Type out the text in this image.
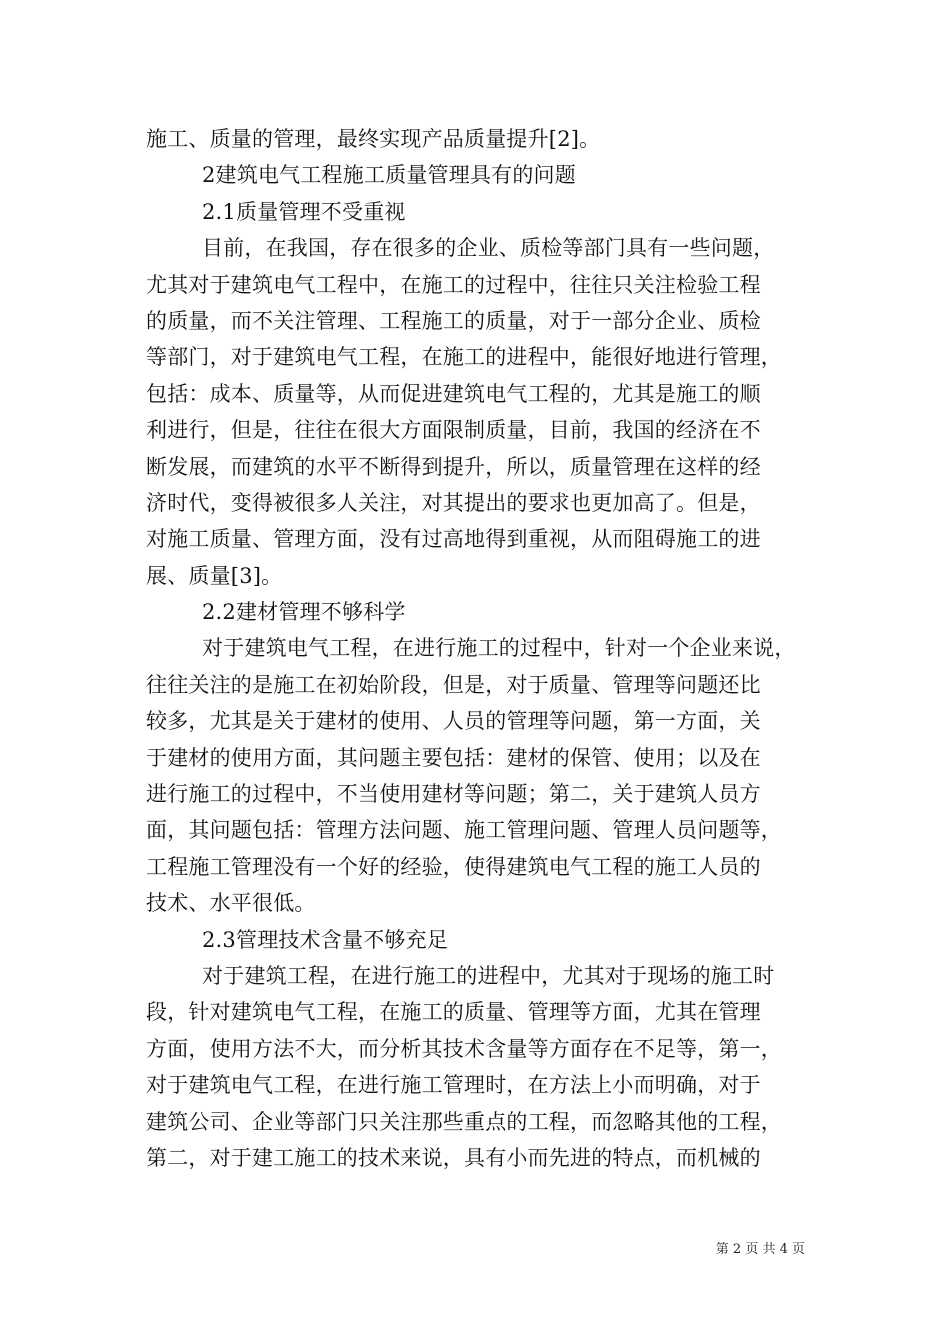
施工、质量的管理，最终实现产品质量提升[2]。
2建筑电气工程施工质量管理具有的问题
2.1质量管理不受重视
目前，在我国，存在很多的企业、质检等部门具有一些问题，
尤其对于建筑电气工程中，在施工的过程中，往往只关注检验工程
的质量，而不关注管理、工程施工的质量，对于一部分企业、质检
等部门，对于建筑电气工程，在施工的进程中，能很好地进行管理，
包括：成本、质量等，从而促进建筑电气工程的，尤其是施工的顺
利进行，但是，往往在很大方面限制质量，目前，我国的经济在不
断发展，而建筑的水平不断得到提升，所以，质量管理在这样的经
济时代，变得被很多人关注，对其提出的要求也更加高了。但是，
对施工质量、管理方面，没有过高地得到重视，从而阻碍施工的进
展、质量[3]。
2.2建材管理不够科学
对于建筑电气工程，在进行施工的过程中，针对一个企业来说，
往往关注的是施工在初始阶段，但是，对于质量、管理等问题还比
较多，尤其是关于建材的使用、人员的管理等问题，第一方面，关
于建材的使用方面，其问题主要包括：建材的保管、使用；以及在
进行施工的过程中，不当使用建材等问题；第二，关于建筑人员方
面，其问题包括：管理方法问题、施工管理问题、管理人员问题等，
工程施工管理没有一个好的经验，使得建筑电气工程的施工人员的
技术、水平很低。
2.3管理技术含量不够充足
对于建筑工程，在进行施工的进程中，尤其对于现场的施工时
段，针对建筑电气工程，在施工的质量、管理等方面，尤其在管理
方面，使用方法不大，而分析其技术含量等方面存在不足等，第一，
对于建筑电气工程，在进行施工管理时，在方法上小而明确，对于
建筑公司、企业等部门只关注那些重点的工程，而忽略其他的工程，
第二，对于建工施工的技术来说，具有小而先进的特点，而机械的
第 2 页 共 4 页
